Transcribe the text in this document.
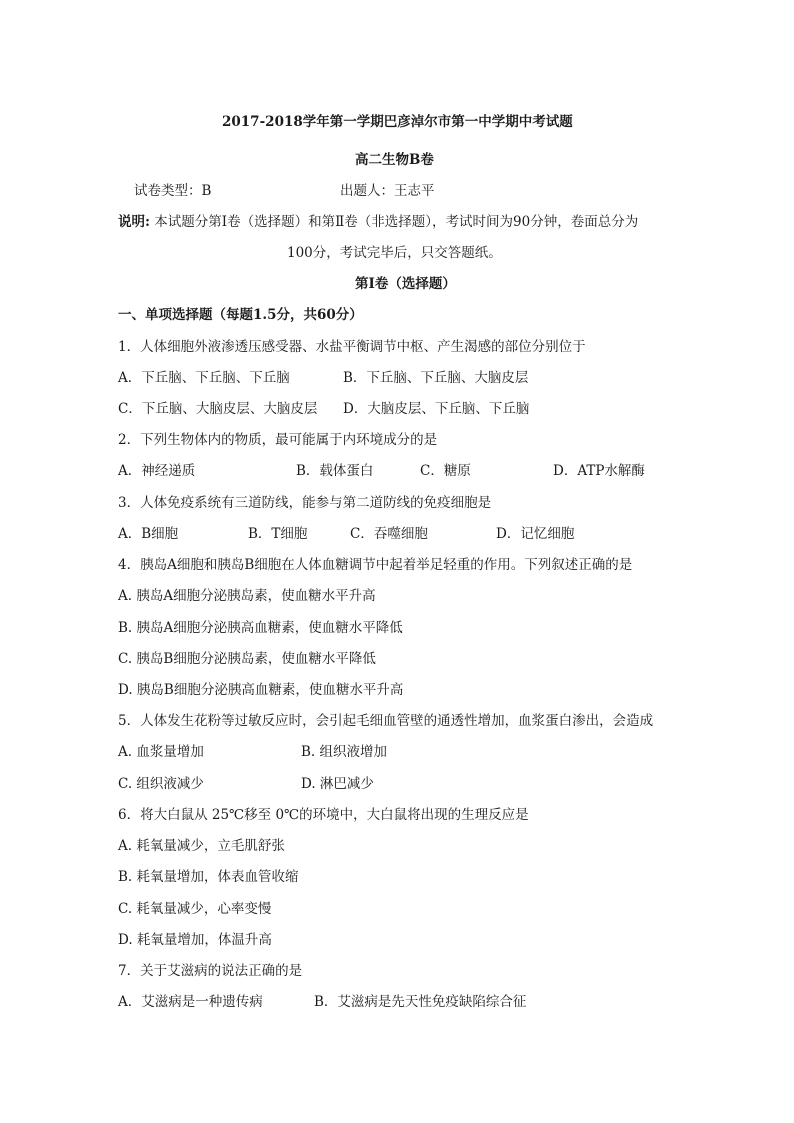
2017-2018学年第一学期巴彦淖尔市第一中学期中考试题
高二生物B卷
试卷类型：B	出题人：王志平
说明: 本试题分第Ⅰ卷（选择题）和第Ⅱ卷（非选择题），考试时间为90分钟，卷面总分为
100分，考试完毕后，只交答题纸。
第Ⅰ卷（选择题）
一、单项选择题（每题1.5分，共60分）
1．人体细胞外液渗透压感受器、水盐平衡调节中枢、产生渴感的部位分别位于
A．下丘脑、下丘脑、下丘脑	B．下丘脑、下丘脑、大脑皮层
C．下丘脑、大脑皮层、大脑皮层 D．大脑皮层、下丘脑、下丘脑
2．下列生物体内的物质，最可能属于内环境成分的是
A．神经递质	B．载体蛋白	C．糖原	D．ATP水解酶
3．人体免疫系统有三道防线，能参与第二道防线的免疫细胞是
A．B细胞	B．T细胞	C．吞噬细胞	D．记忆细胞
4．胰岛A细胞和胰岛B细胞在人体血糖调节中起着举足轻重的作用。下列叙述正确的是
A. 胰岛A细胞分泌胰岛素，使血糖水平升高
B. 胰岛A细胞分泌胰高血糖素，使血糖水平降低
C. 胰岛B细胞分泌胰岛素，使血糖水平降低
D. 胰岛B细胞分泌胰高血糖素，使血糖水平升高
5．人体发生花粉等过敏反应时，会引起毛细血管壁的通透性增加，血浆蛋白渗出，会造成
A. 血浆量增加	B. 组织液增加
C. 组织液减少	D. 淋巴减少
6．将大白鼠从 25℃移至 0℃的环境中，大白鼠将出现的生理反应是
A. 耗氧量减少，立毛肌舒张
B. 耗氧量增加，体表血管收缩
C. 耗氧量减少，心率变慢
D. 耗氧量增加，体温升高
7．关于艾滋病的说法正确的是
A．艾滋病是一种遗传病	B．艾滋病是先天性免疫缺陷综合征
